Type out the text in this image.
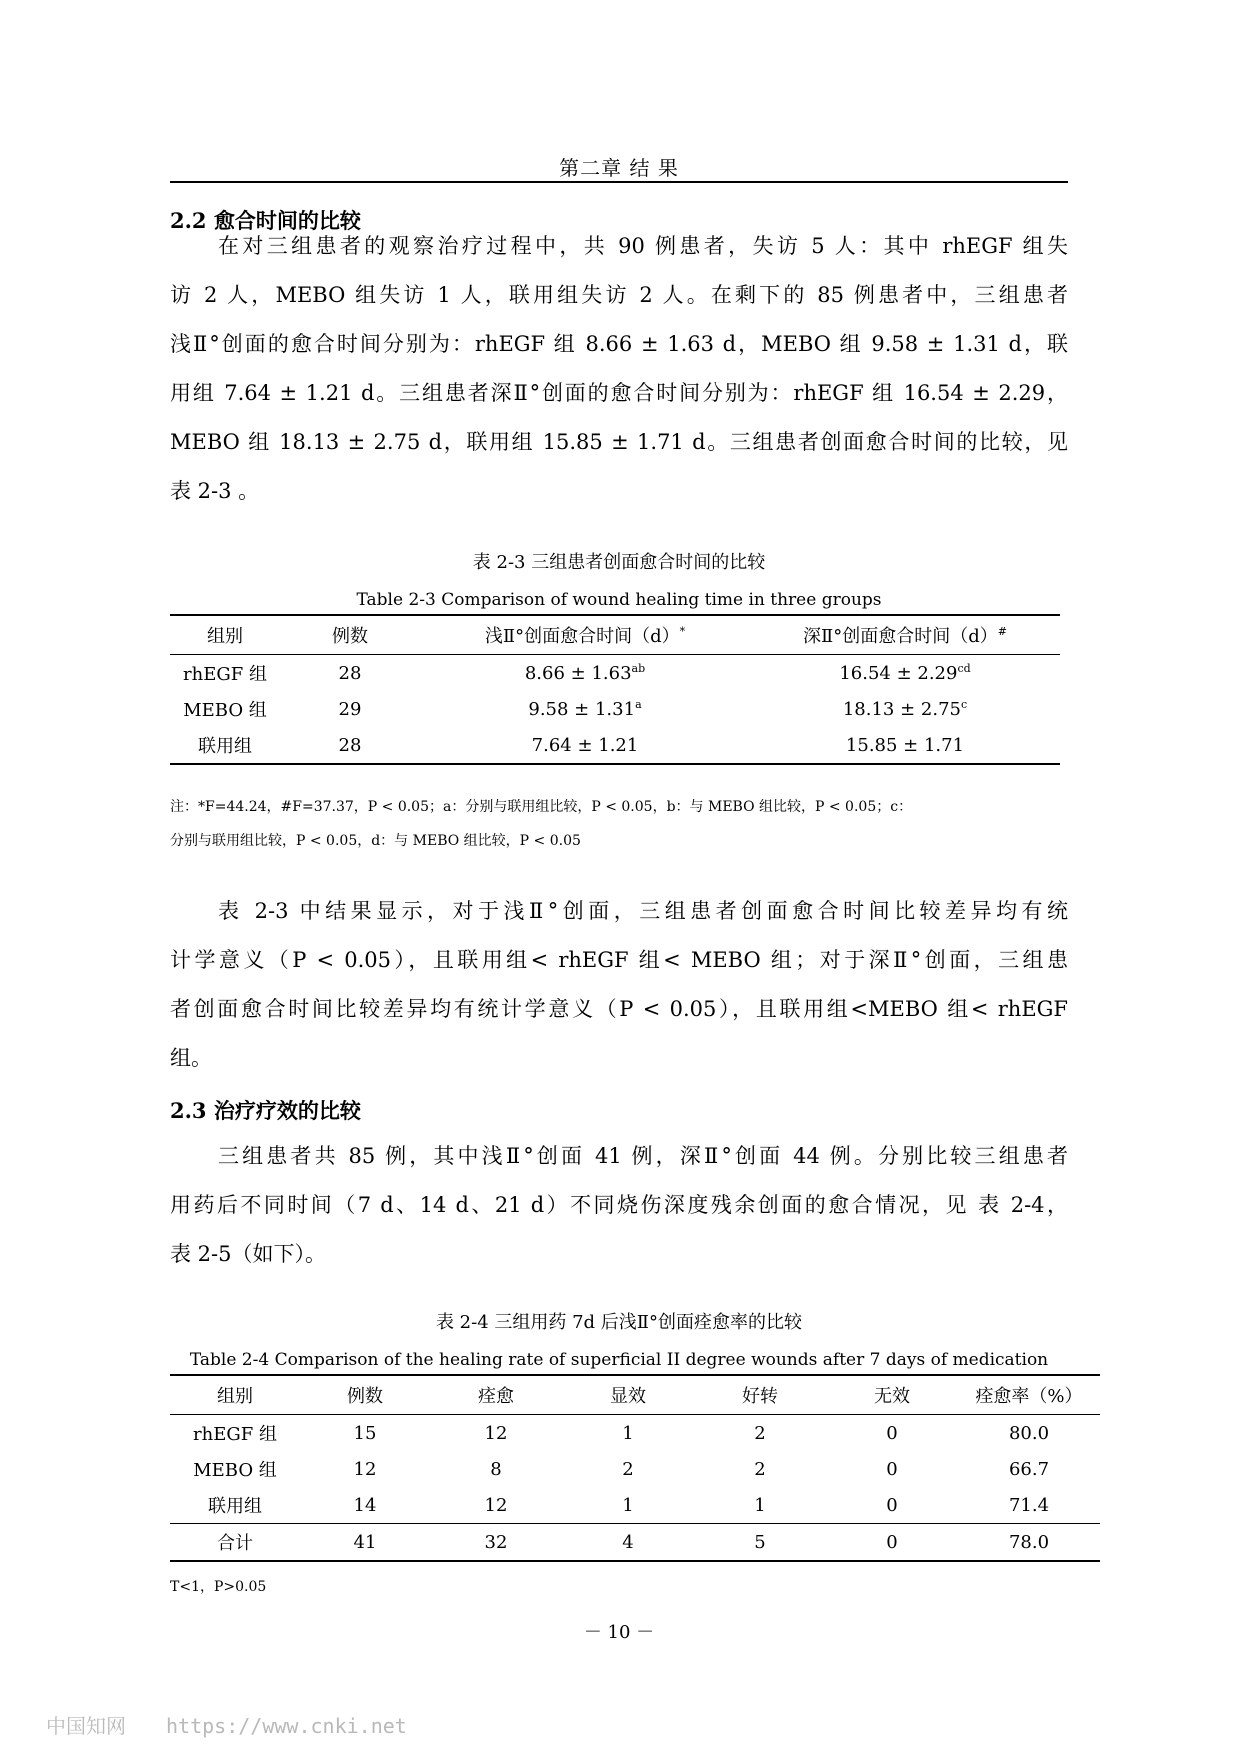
第二章 结 果
2.2 愈合时间的比较
在对三组患者的观察治疗过程中，共 90 例患者，失访 5 人：其中 rhEGF 组失
访 2 人，MEBO 组失访 1 人，联用组失访 2 人。在剩下的 85 例患者中，三组患者
浅Ⅱ°创面的愈合时间分别为：rhEGF 组 8.66 ± 1.63 d，MEBO 组 9.58 ± 1.31 d，联
用组 7.64 ± 1.21 d。三组患者深Ⅱ°创面的愈合时间分别为：rhEGF 组 16.54 ± 2.29，
MEBO 组 18.13 ± 2.75 d，联用组 15.85 ± 1.71 d。三组患者创面愈合时间的比较，见
表 2-3 。
表 2-3 三组患者创面愈合时间的比较
Table 2-3 Comparison of wound healing time in three groups
组别	例数	浅Ⅱ°创面愈合时间（d）*	深Ⅱ°创面愈合时间（d）#
rhEGF 组	28	8.66 ± 1.63$^{ab}$	16.54 ± 2.29$^{cd}$
MEBO 组	29	9.58 ± 1.31$^a$	18.13 ± 2.75$^c$
联用组	28	7.64 ± 1.21	15.85 ± 1.71
注：*F=44.24，#F=37.37，P < 0.05；a：分别与联用组比较，P < 0.05，b：与 MEBO 组比较，P < 0.05；c：
分别与联用组比较，P < 0.05，d：与 MEBO 组比较，P < 0.05
表 2-3 中结果显示，对于浅Ⅱ°创面，三组患者创面愈合时间比较差异均有统
计学意义（P < 0.05），且联用组< rhEGF 组< MEBO 组；对于深Ⅱ°创面，三组患
者创面愈合时间比较差异均有统计学意义（P < 0.05），且联用组<MEBO 组< rhEGF
组。
2.3 治疗疗效的比较
三组患者共 85 例，其中浅Ⅱ°创面 41 例，深Ⅱ°创面 44 例。分别比较三组患者
用药后不同时间（7 d、14 d、21 d）不同烧伤深度残余创面的愈合情况，见 表 2-4，
表 2-5（如下）。
表 2-4 三组用药 7d 后浅Ⅱ°创面痊愈率的比较
Table 2-4 Comparison of the healing rate of superficial II degree wounds after 7 days of medication
组别	例数	痊愈	显效	好转	无效	痊愈率（%）
rhEGF 组	15	12	1	2	0	80.0
MEBO 组	12	8	2	2	0	66.7
联用组	14	12	1	1	0	71.4
合计	41	32	4	5	0	78.0
T<1，P>0.05
－ 10 －
中国知网 https://www.cnki.net
